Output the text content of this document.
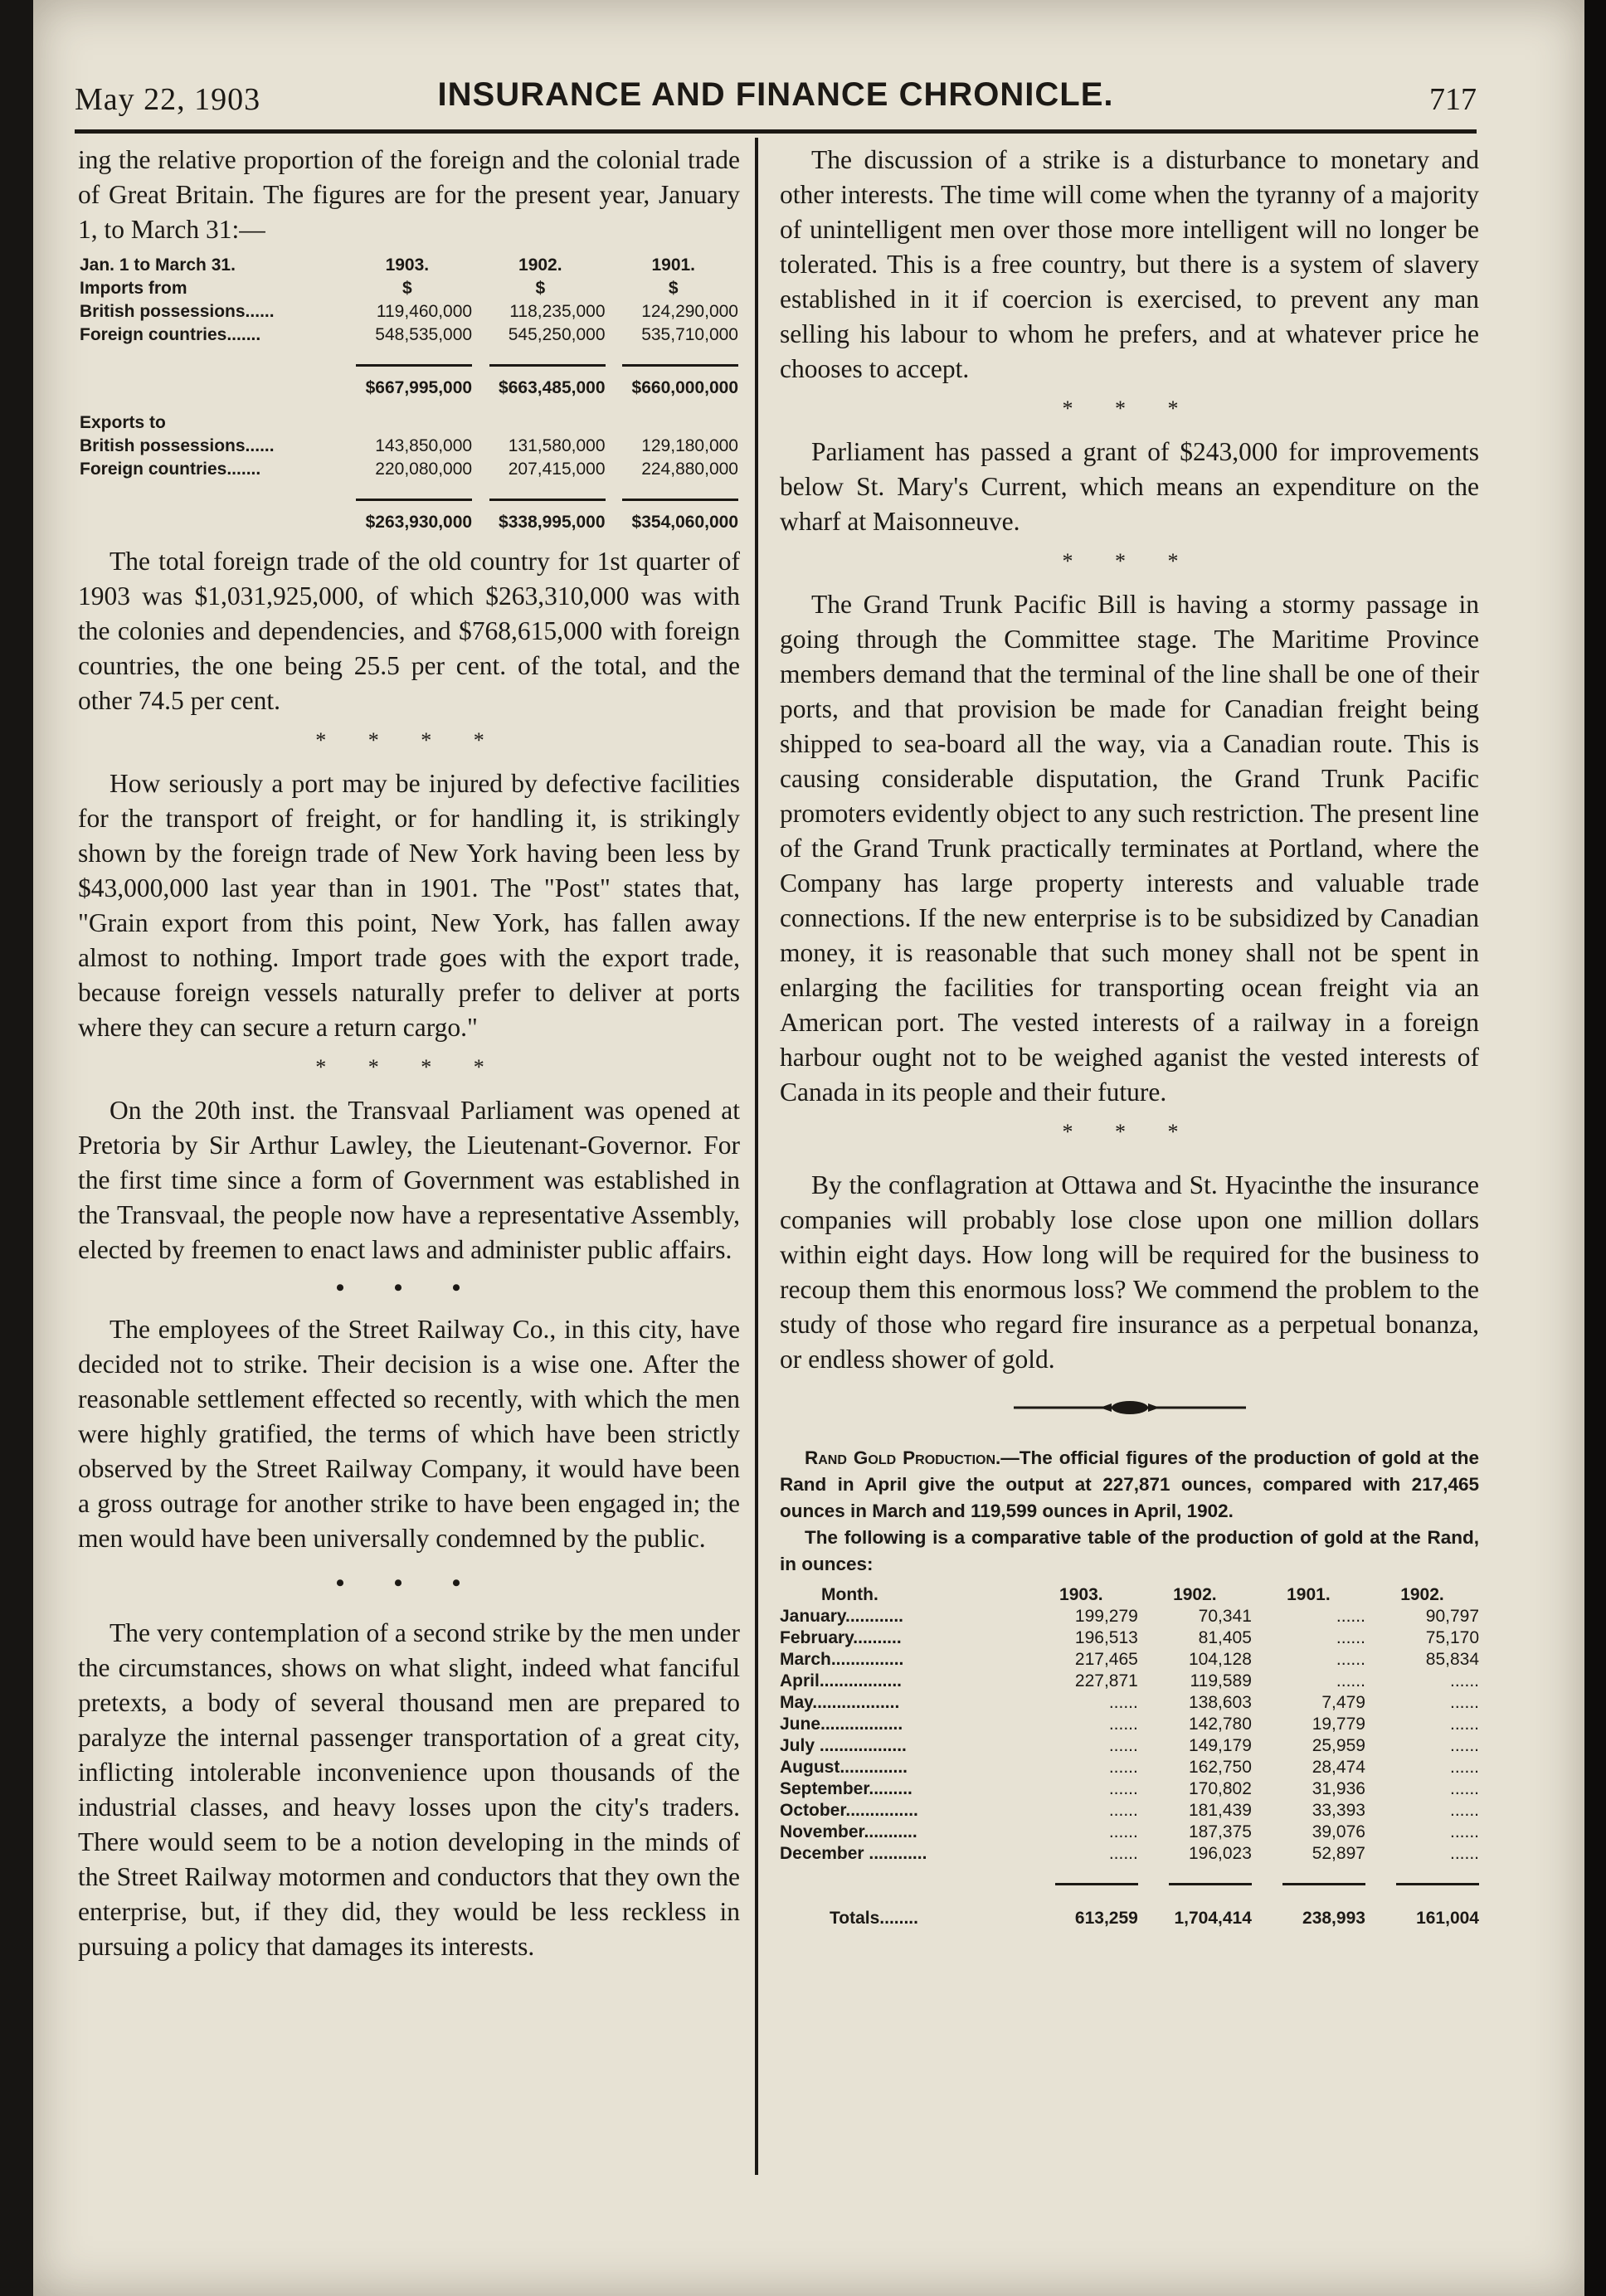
May 22, 1903	INSURANCE AND FINANCE CHRONICLE.	717

ing the relative proportion of the foreign and the colonial trade of Great Britain. The figures are for the present year, January 1, to March 31:—

Jan. 1 to March 31.	1903.	1902.	1901.
Imports from	$	$	$
British possessions......	119,460,000	118,235,000	124,290,000
Foreign countries.......	548,535,000	545,250,000	535,710,000

	$667,995,000	$663,485,000	$660,000,000

Exports to			
British possessions......	143,850,000	131,580,000	129,180,000
Foreign countries.......	220,080,000	207,415,000	224,880,000

	$263,930,000	$338,995,000	$354,060,000

The total foreign trade of the old country for 1st quarter of 1903 was $1,031,925,000, of which $263,310,000 was with the colonies and dependencies, and $768,615,000 with foreign countries, the one being 25.5 per cent. of the total, and the other 74.5 per cent.

* * * *

How seriously a port may be injured by defective facilities for the transport of freight, or for handling it, is strikingly shown by the foreign trade of New York having been less by $43,000,000 last year than in 1901. The "Post" states that, "Grain export from this point, New York, has fallen away almost to nothing. Import trade goes with the export trade, because foreign vessels naturally prefer to deliver at ports where they can secure a return cargo."

* * * *

On the 20th inst. the Transvaal Parliament was opened at Pretoria by Sir Arthur Lawley, the Lieutenant-Governor. For the first time since a form of Government was established in the Transvaal, the people now have a representative Assembly, elected by freemen to enact laws and administer public affairs.

• • •

The employees of the Street Railway Co., in this city, have decided not to strike. Their decision is a wise one. After the reasonable settlement effected so recently, with which the men were highly gratified, the terms of which have been strictly observed by the Street Railway Company, it would have been a gross outrage for another strike to have been engaged in; the men would have been universally condemned by the public.

• • •

The very contemplation of a second strike by the men under the circumstances, shows on what slight, indeed what fanciful pretexts, a body of several thousand men are prepared to paralyze the internal passenger transportation of a great city, inflicting intolerable inconvenience upon thousands of the industrial classes, and heavy losses upon the city's traders. There would seem to be a notion developing in the minds of the Street Railway motormen and conductors that they own the enterprise, but, if they did, they would be less reckless in pursuing a policy that damages its interests.

The discussion of a strike is a disturbance to monetary and other interests. The time will come when the tyranny of a majority of unintelligent men over those more intelligent will no longer be tolerated. This is a free country, but there is a system of slavery established in it if coercion is exercised, to prevent any man selling his labour to whom he prefers, and at whatever price he chooses to accept.

* * *

Parliament has passed a grant of $243,000 for improvements below St. Mary's Current, which means an expenditure on the wharf at Maisonneuve.

* * *

The Grand Trunk Pacific Bill is having a stormy passage in going through the Committee stage. The Maritime Province members demand that the terminal of the line shall be one of their ports, and that provision be made for Canadian freight being shipped to sea-board all the way, via a Canadian route. This is causing considerable disputation, the Grand Trunk Pacific promoters evidently object to any such restriction. The present line of the Grand Trunk practically terminates at Portland, where the Company has large property interests and valuable trade connections. If the new enterprise is to be subsidized by Canadian money, it is reasonable that such money shall not be spent in enlarging the facilities for transporting ocean freight via an American port. The vested interests of a railway in a foreign harbour ought not to be weighed aganist the vested interests of Canada in its people and their future.

* * *

By the conflagration at Ottawa and St. Hyacinthe the insurance companies will probably lose close upon one million dollars within eight days. How long will be required for the business to recoup them this enormous loss? We commend the problem to the study of those who regard fire insurance as a perpetual bonanza, or endless shower of gold.

Rand Gold Production.—The official figures of the production of gold at the Rand in April give the output at 227,871 ounces, compared with 217,465 ounces in March and 119,599 ounces in April, 1902.

The following is a comparative table of the production of gold at the Rand, in ounces:

Month.	1903.	1902.	1901.	1902.
January............	199,279	70,341	......	90,797
February..........	196,513	81,405	......	75,170
March...............	217,465	104,128	......	85,834
April.................	227,871	119,589	......	......
May..................	......	138,603	7,479	......
June.................	......	142,780	19,779	......
July ..................	......	149,179	25,959	......
August..............	......	162,750	28,474	......
September.........	......	170,802	31,936	......
October...............	......	181,439	33,393	......
November...........	......	187,375	39,076	......
December ............	......	196,023	52,897	......

Totals........	613,259	1,704,414	238,993	161,004
